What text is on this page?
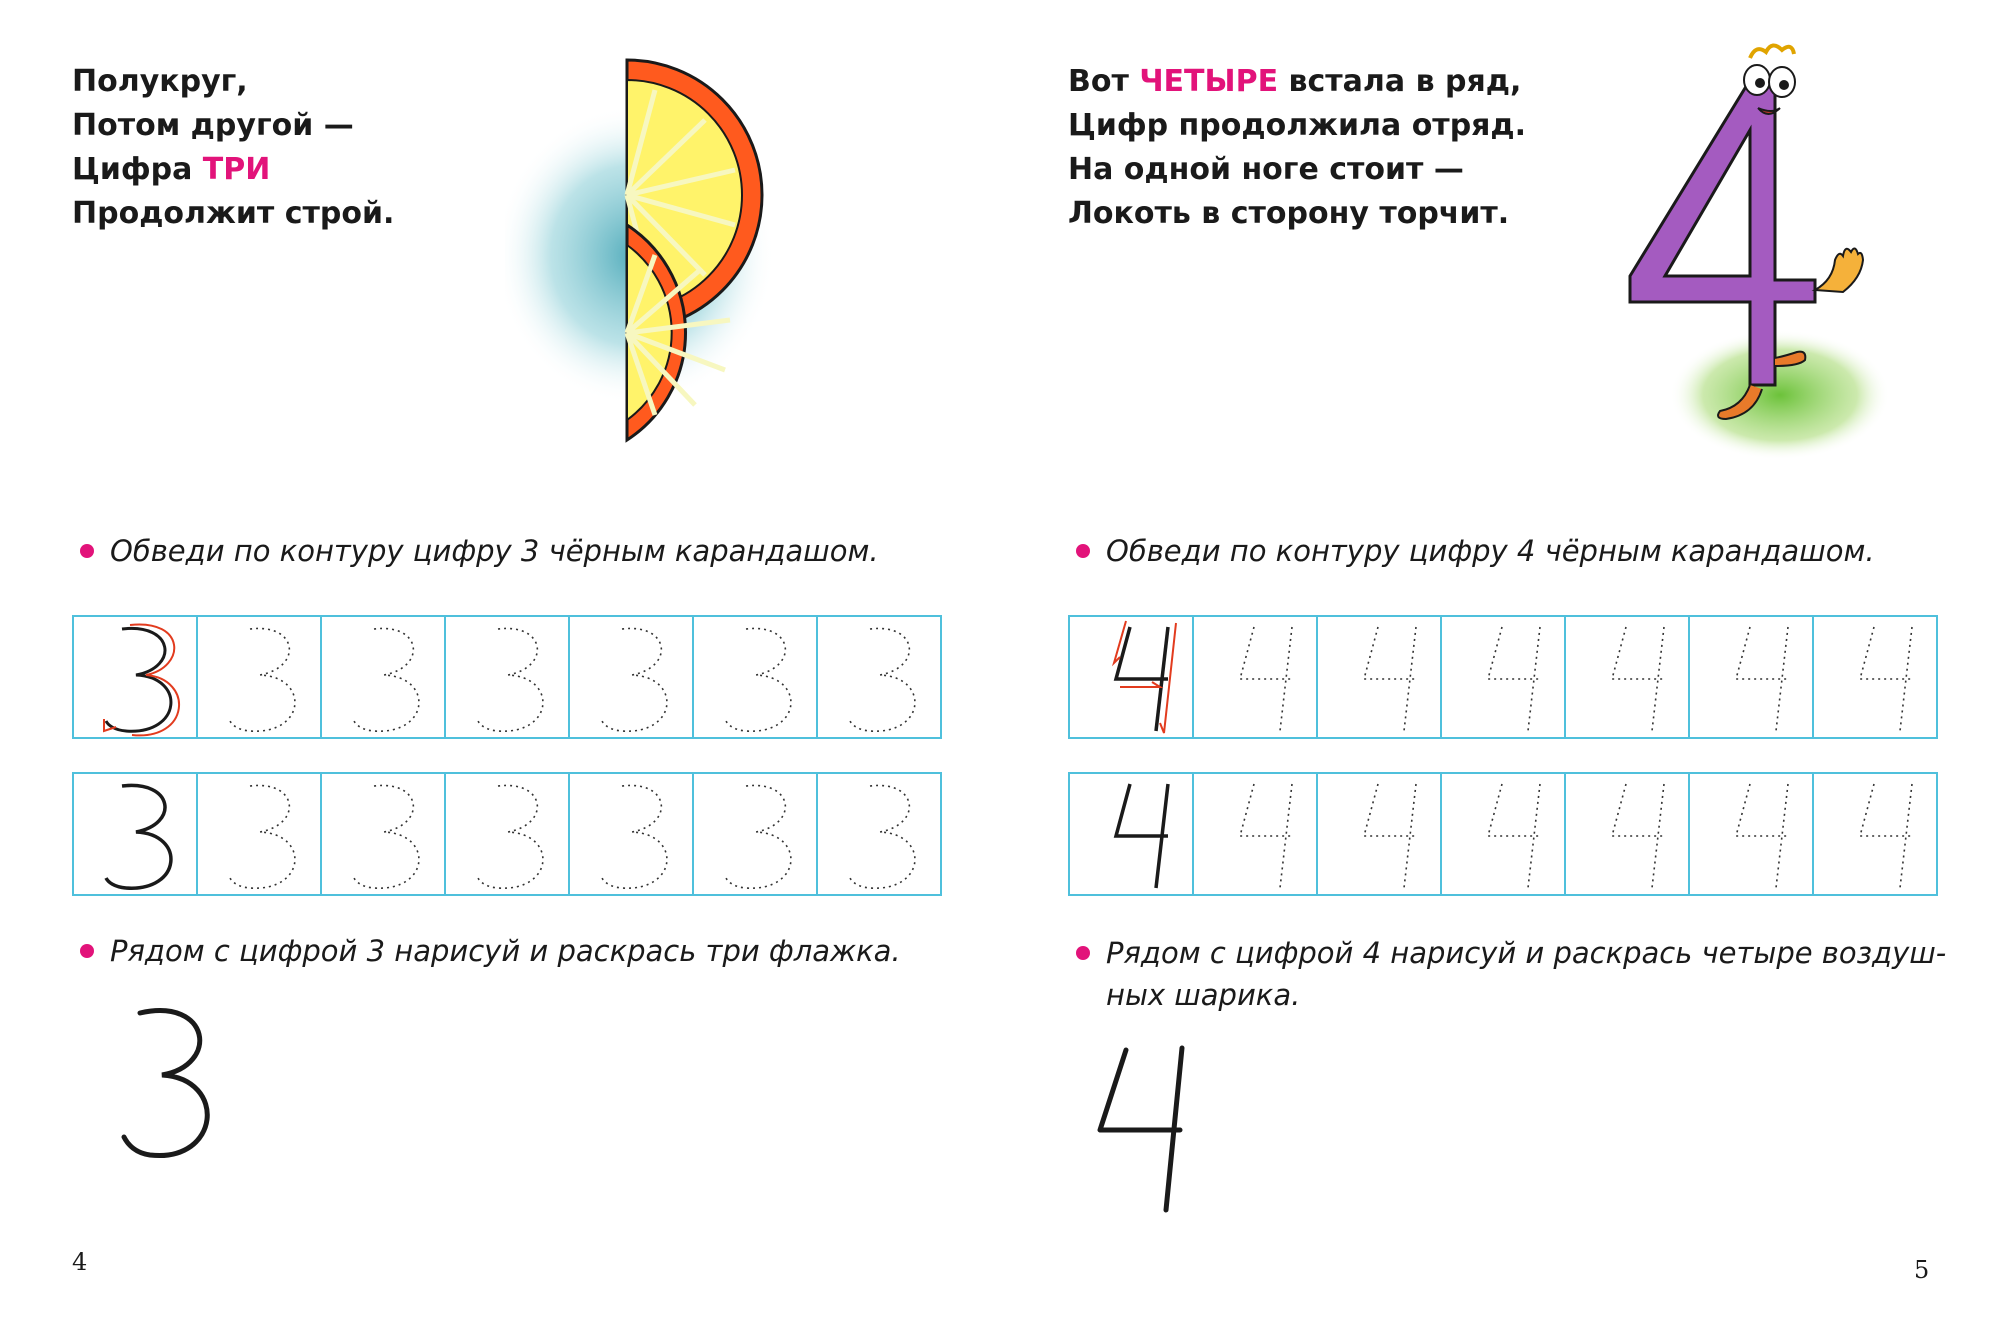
Полукруг,

Потом другой —

Цифра ТРИ

Продолжит строй.

Обведи по контуру цифру 3 чёрным карандашом.
Рядом с цифрой 3 нарисуй и раскрась три флажка.
4

Вот ЧЕТЫРЕ встала в ряд,

Цифр продолжила отряд.

На одной ноге стоит —

Локоть в сторону торчит.

Обведи по контуру цифру 4 чёрным карандашом.
Рядом с цифрой 4 нарисуй и раскрась четыре воздуш-
ных шарика.
5
